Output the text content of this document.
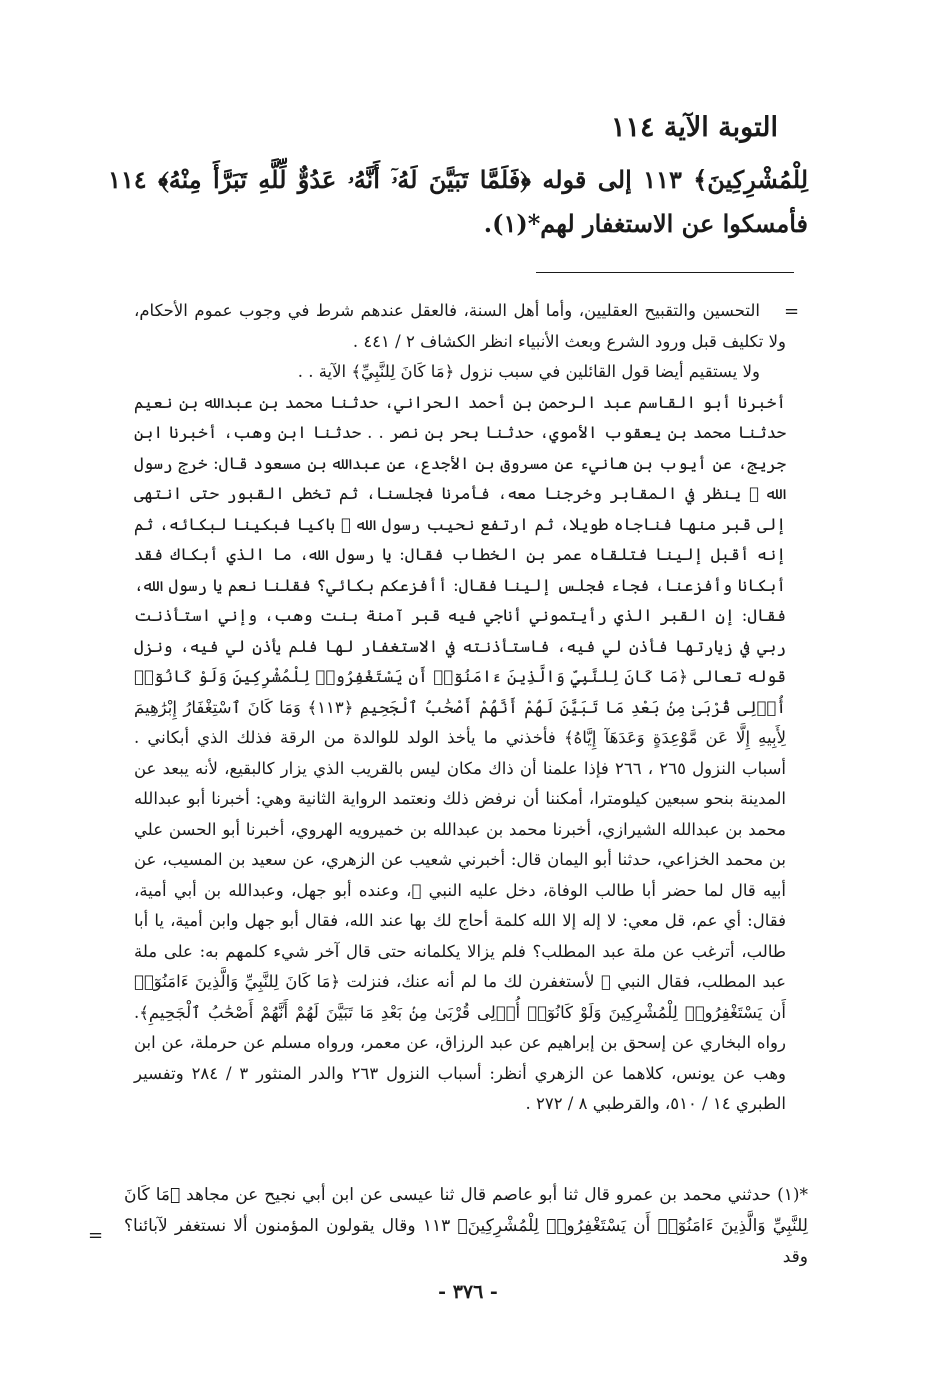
التوبة الآية ١١٤

لِلْمُشْرِكِينَ﴾ ١١٣ إلى قوله ﴿فَلَمَّا تَبَيَّنَ لَهُۥٓ أَنَّهُۥ عَدُوٌّ لِّلَّهِ تَبَرَّأَ مِنْهُ﴾ ١١٤ فأمسكوا عن الاستغفار لهم*(١).

=

التحسين والتقبيح العقليين، وأما أهل السنة، فالعقل عندهم شرط في وجوب عموم الأحكام، ولا تكليف قبل ورود الشرع وبعث الأنبياء انظر الكشاف ٢ / ٤٤١ .

ولا يستقيم أيضا قول القائلين في سبب نزول ﴿مَا كَانَ لِلنَّبِيِّ﴾ الآية . .

أخبرنا أبو القاسم عبد الرحمن بن أحمد الحراني، حدثنا محمد بن عبدالله بن نعيم حدثنا محمد بن يعقوب الأموي، حدثنا بحر بن نصر . . حدثنا ابن وهب، أخبرنا ابن جريج، عن أيوب بن هانيء عن مسروق بن الأجدع، عن عبدالله بن مسعود قال: خرج رسول الله ﷺ ينظر في المقابر وخرجنا معه، فأمرنا فجلسنا، ثم تخطى القبور حتى انتهى إلى قبر منها فناجاه طويلا، ثم ارتفع نحيب رسول الله ﷺ باكيا فبكينا لبكائه، ثم إنه أقبل إلينا فتلقاه عمر بن الخطاب فقال: يا رسول الله، ما الذي أبكاك فقد أبكانا وأفزعنا، فجاء فجلس إلينا فقال: أأفزعكم بكائي؟ فقلنا نعم يا رسول الله، فقال: إن القبر الذي رأيتموني أناجي فيه قبر آمنة بنت وهب، وإني استأذنت ربي في زيارتها فأذن لي فيه، فاستأذنته في الاستغفار لها فلم يأذن لي فيه، ونزل قوله تعالى ﴿مَا كَانَ لِلنَّبِيِّ وَالَّذِينَ ءَامَنُوٓا۟ أَن يَسْتَغْفِرُوا۟ لِلْمُشْرِكِينَ وَلَوْ كَانُوٓا۟ أُو۟لِى قُرْبَىٰ مِنۢ بَعْدِ مَا تَبَيَّنَ لَهُمْ أَنَّهُمْ أَصْحَٰبُ ٱلْجَحِيمِ ﴿١١٣﴾ وَمَا كَانَ ٱسْتِغْفَارُ إِبْرَٰهِيمَ لِأَبِيهِ إِلَّا عَن مَّوْعِدَةٍ وَعَدَهَآ إِيَّاهُ﴾ فأخذني ما يأخذ الولد للوالدة من الرقة فذلك الذي أبكاني . أسباب النزول ٢٦٥ ، ٢٦٦ فإذا علمنا أن ذاك مكان ليس بالقريب الذي يزار كالبقيع، لأنه يبعد عن المدينة بنحو سبعين كيلومترا، أمكننا أن نرفض ذلك ونعتمد الرواية الثانية وهي: أخبرنا أبو عبدالله محمد بن عبدالله الشيرازي، أخبرنا محمد بن عبدالله بن خميرويه الهروي، أخبرنا أبو الحسن علي بن محمد الخزاعي، حدثنا أبو اليمان قال: أخبرني شعيب عن الزهري، عن سعيد بن المسيب، عن أبيه قال لما حضر أبا طالب الوفاة، دخل عليه النبي ﷺ، وعنده أبو جهل، وعبدالله بن أبي أمية، فقال: أي عم، قل معي: لا إله إلا الله كلمة أحاج لك بها عند الله، فقال أبو جهل وابن أمية، يا أبا طالب، أترغب عن ملة عبد المطلب؟ فلم يزالا يكلمانه حتى قال آخر شيء كلمهم به: على ملة عبد المطلب، فقال النبي ﷺ لأستغفرن لك ما لم أنه عنك، فنزلت ﴿مَا كَانَ لِلنَّبِيِّ وَالَّذِينَ ءَامَنُوٓا۟ أَن يَسْتَغْفِرُوا۟ لِلْمُشْرِكِينَ وَلَوْ كَانُوٓا۟ أُو۟لِى قُرْبَىٰ مِنۢ بَعْدِ مَا تَبَيَّنَ لَهُمْ أَنَّهُمْ أَصْحَٰبُ ٱلْجَحِيمِ﴾. رواه البخاري عن إسحق بن إبراهيم عن عبد الرزاق، عن معمر، ورواه مسلم عن حرملة، عن ابن وهب عن يونس، كلاهما عن الزهري أنظر: أسباب النزول ٢٦٣ والدر المنثور ٣ / ٢٨٤ وتفسير الطبري ١٤ / ٥١٠، والقرطبي ٨ / ٢٧٢ .

*(١) حدثني محمد بن عمرو قال ثنا أبو عاصم قال ثنا عيسى عن ابن أبي نجيح عن مجاهد ﴿مَا كَانَ لِلنَّبِيِّ وَالَّذِينَ ءَامَنُوٓا۟ أَن يَسْتَغْفِرُوا۟ لِلْمُشْرِكِينَ﴾ ١١٣ وقال يقولون المؤمنون ألا نستغفر لآبائنا؟ وقد

=
- ٣٧٦ -
